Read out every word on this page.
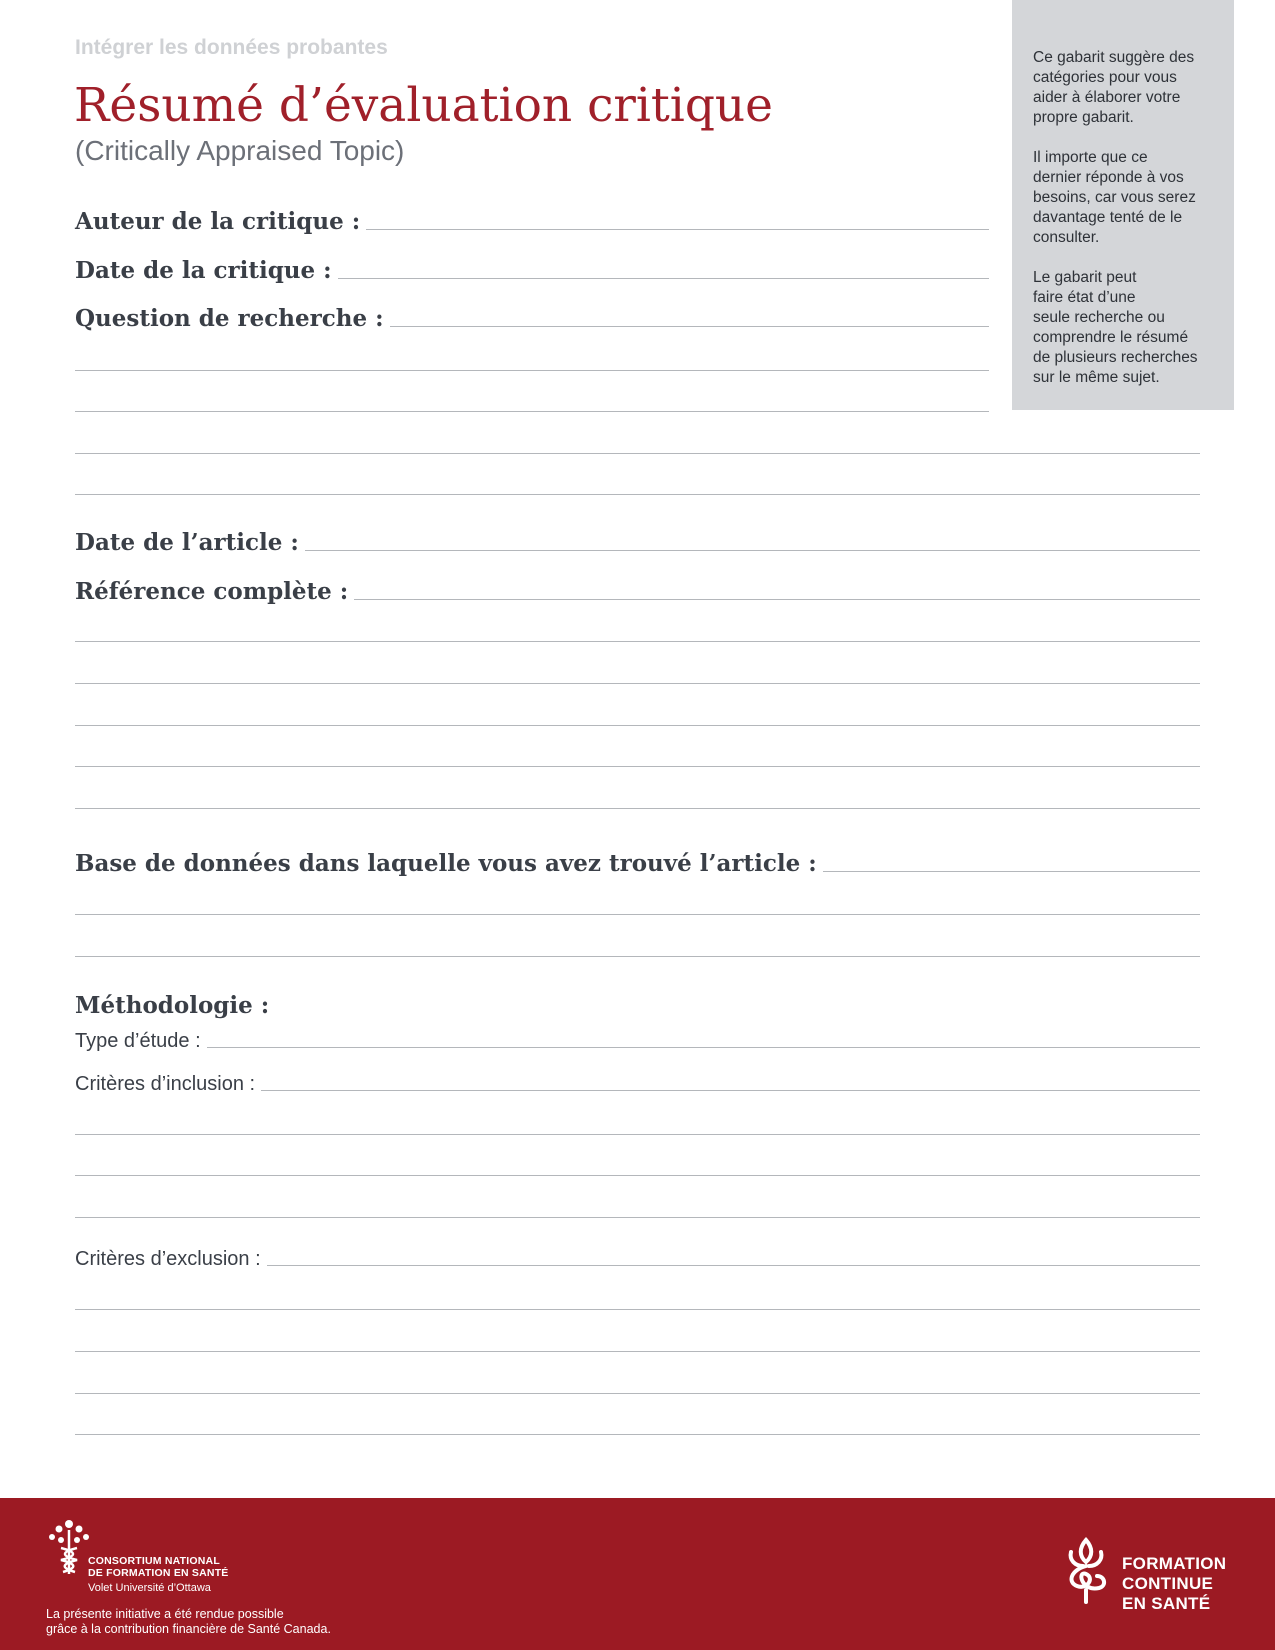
Intégrer les données probantes
Résumé d’évaluation critique
(Critically Appraised Topic)

Ce gabarit suggère des
catégories pour vous
aider à élaborer votre
propre gabarit.

Il importe que ce
dernier réponde à vos
besoins, car vous serez
davantage tenté de le
consulter.

Le gabarit peut
faire état d’une
seule recherche ou
comprendre le résumé
de plusieurs recherches
sur le même sujet.

Auteur de la critique :
Date de la critique :
Question de recherche :
Date de l’article :
Référence complète :
Base de données dans laquelle vous avez trouvé l’article :
Méthodologie :
Type d’étude :
Critères d’inclusion :
Critères d’exclusion :
CONSORTIUM NATIONAL
DE FORMATION EN SANTÉ
Volet Université d’Ottawa
La présente initiative a été rendue possible
grâce à la contribution financière de Santé Canada.
FORMATION
CONTINUE
EN SANTÉ
